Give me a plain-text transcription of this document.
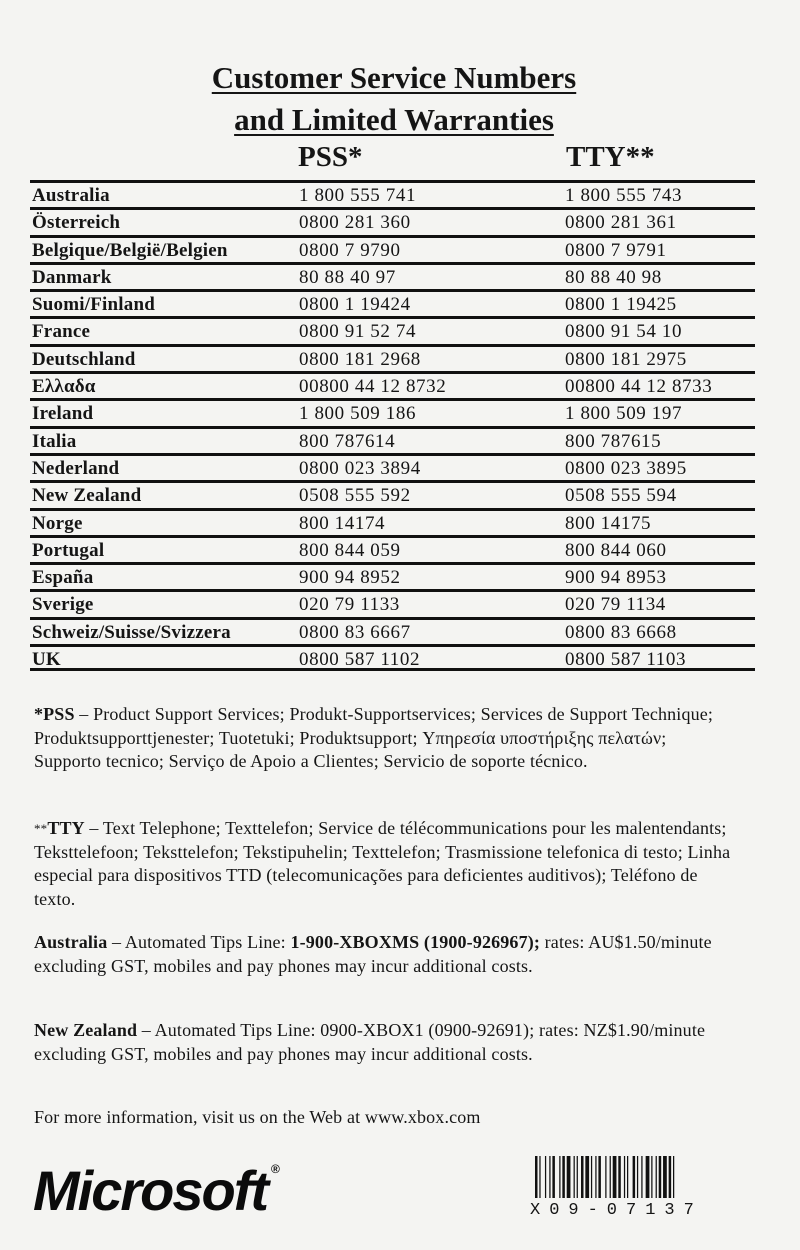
Customer Service Numbers
and Limited Warranties
PSS*	TTY**
Australia	1 800 555 741	1 800 555 743
Österreich	0800 281 360	0800 281 361
Belgique/België/Belgien	0800 7 9790	0800 7 9791
Danmark	80 88 40 97	80 88 40 98
Suomi/Finland	0800 1 19424	0800 1 19425
France	0800 91 52 74	0800 91 54 10
Deutschland	0800 181 2968	0800 181 2975
Ελλαδα	00800 44 12 8732	00800 44 12 8733
Ireland	1 800 509 186	1 800 509 197
Italia	800 787614	800 787615
Nederland	0800 023 3894	0800 023 3895
New Zealand	0508 555 592	0508 555 594
Norge	800 14174	800 14175
Portugal	800 844 059	800 844 060
España	900 94 8952	900 94 8953
Sverige	020 79 1133	020 79 1134
Schweiz/Suisse/Svizzera	0800 83 6667	0800 83 6668
UK	0800 587 1102	0800 587 1103
*PSS – Product Support Services; Produkt-Supportservices; Services de Support Technique; Produktsupporttjenester; Tuotetuki; Produktsupport; Υπηρεσία υποστήριξης πελατών; Supporto tecnico; Serviço de Apoio a Clientes; Servicio de soporte técnico.
**TTY – Text Telephone; Texttelefon; Service de télécommunications pour les malentendants; Teksttelefoon; Teksttelefon; Tekstipuhelin; Texttelefon; Trasmissione telefonica di testo; Linha especial para dispositivos TTD (telecomunicações para deficientes auditivos); Teléfono de texto.
Australia – Automated Tips Line: 1-900-XBOXMS (1900-926967); rates: AU$1.50/minute excluding GST, mobiles and pay phones may incur additional costs.
New Zealand – Automated Tips Line: 0900-XBOX1 (0900-92691); rates: NZ$1.90/minute excluding GST, mobiles and pay phones may incur additional costs.
For more information, visit us on the Web at www.xbox.com
Microsoft ®
X09-07137
